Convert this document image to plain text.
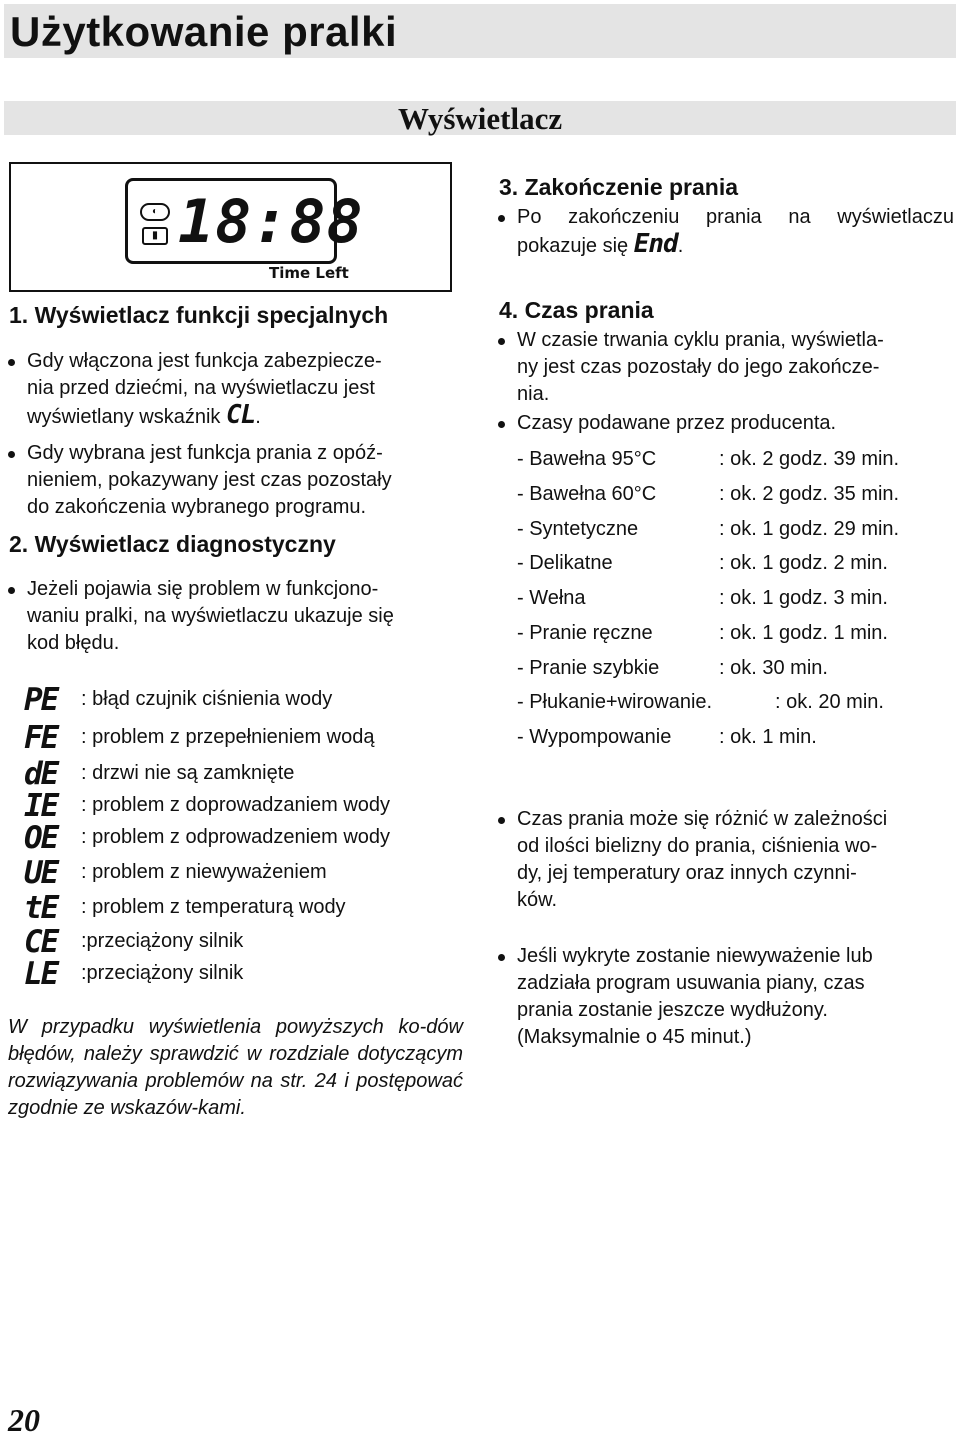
Użytkowanie pralki
Wyświetlacz
◐
▮ 18:88
Time Left
1. Wyświetlacz funkcji specjalnych
Gdy włączona jest funkcja zabezpiecze-
nia przed dziećmi, na wyświetlaczu jest
wyświetlany wskaźnik CL.
Gdy wybrana jest funkcja prania z opóź-
nieniem, pokazywany jest czas pozostały
do zakończenia wybranego programu.
2. Wyświetlacz diagnostyczny
Jeżeli pojawia się problem w funkcjono-
waniu pralki, na wyświetlaczu ukazuje się
kod błędu.
PE : błąd czujnik ciśnienia wody
FE : problem z przepełnieniem wodą
dE : drzwi nie są zamknięte
IE : problem z doprowadzaniem wody
OE : problem z odprowadzeniem wody
UE : problem z niewyważeniem
tE : problem z temperaturą wody
CE :przeciążony silnik
LE :przeciążony silnik
W przypadku wyświetlenia powyższych ko-dów błędów, należy sprawdzić w rozdziale dotyczącym rozwiązywania problemów na str. 24 i postępować zgodnie ze wskazów-kami.
3. Zakończenie prania
Po zakończeniu prania na wyświetlaczu
pokazuje się End.
4. Czas prania
W czasie trwania cyklu prania, wyświetla-
ny jest czas pozostały do jego zakończe-
nia.
Czasy podawane przez producenta.
- Bawełna 95°C	: ok. 2 godz. 39 min.
- Bawełna 60°C	: ok. 2 godz. 35 min.
- Syntetyczne	: ok. 1 godz. 29 min.
- Delikatne	: ok. 1 godz. 2 min.
- Wełna	: ok. 1 godz. 3 min.
- Pranie ręczne	: ok. 1 godz. 1 min.
- Pranie szybkie	: ok. 30 min.
- Płukanie+wirowanie.	: ok. 20 min.
- Wypompowanie : ok. 1 min.
Czas prania może się różnić w zależności
od ilości bielizny do prania, ciśnienia wo-
dy, jej temperatury oraz innych czynni-
ków.
Jeśli wykryte zostanie niewyważenie lub
zadziała program usuwania piany, czas
prania zostanie jeszcze wydłużony.
(Maksymalnie o 45 minut.)
20
